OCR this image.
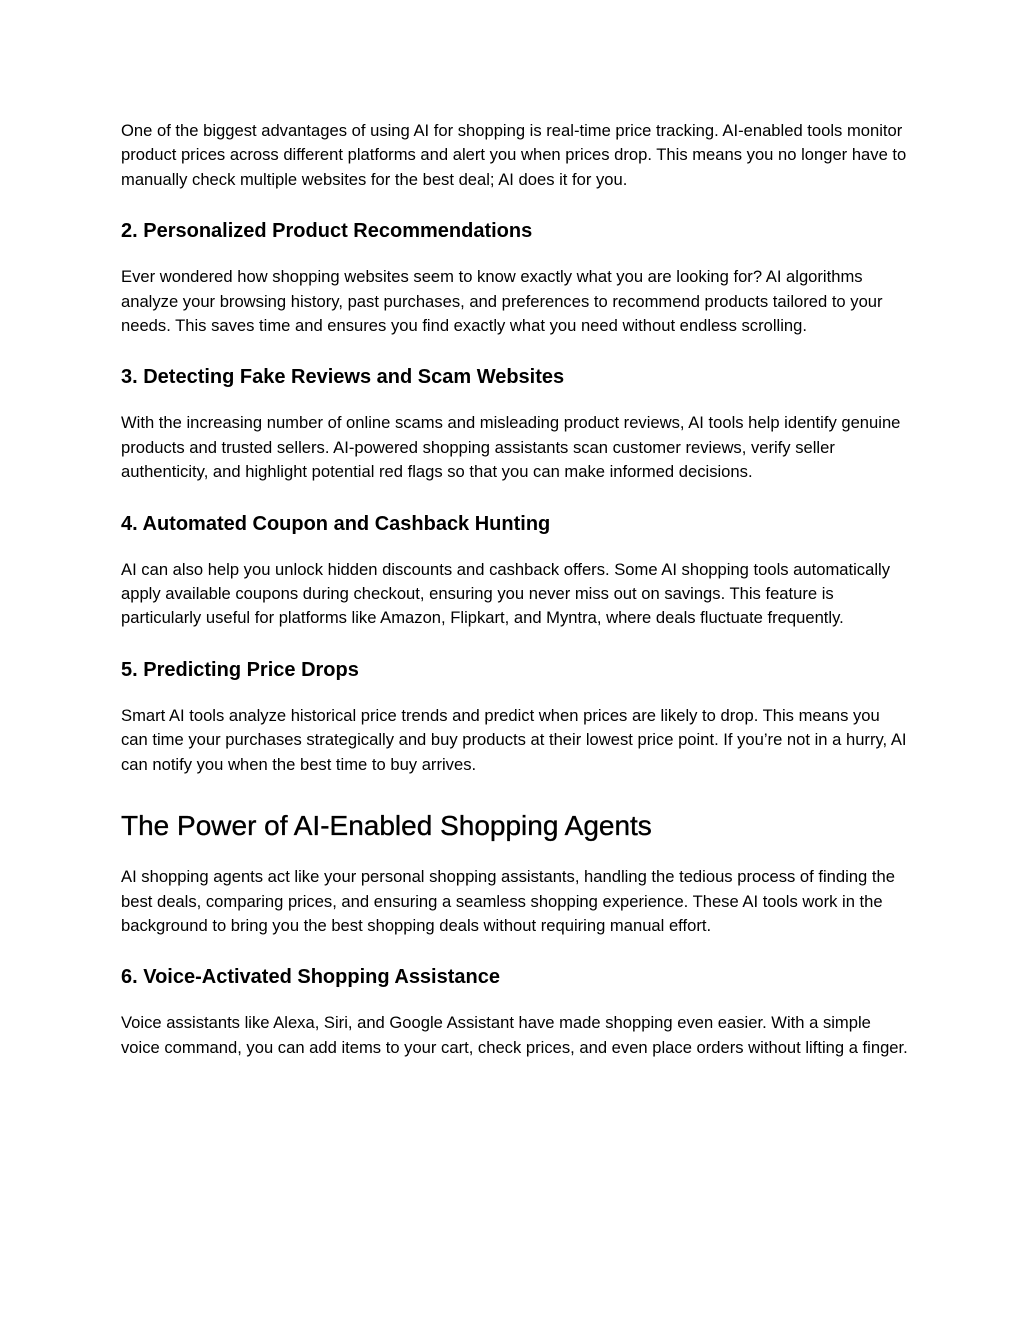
One of the biggest advantages of using AI for shopping is real-time price tracking. AI-enabled tools monitor product prices across different platforms and alert you when prices drop. This means you no longer have to manually check multiple websites for the best deal; AI does it for you.

2. Personalized Product Recommendations

Ever wondered how shopping websites seem to know exactly what you are looking for? AI algorithms analyze your browsing history, past purchases, and preferences to recommend products tailored to your needs. This saves time and ensures you find exactly what you need without endless scrolling.

3. Detecting Fake Reviews and Scam Websites

With the increasing number of online scams and misleading product reviews, AI tools help identify genuine products and trusted sellers. AI-powered shopping assistants scan customer reviews, verify seller authenticity, and highlight potential red flags so that you can make informed decisions.

4. Automated Coupon and Cashback Hunting

AI can also help you unlock hidden discounts and cashback offers. Some AI shopping tools automatically apply available coupons during checkout, ensuring you never miss out on savings. This feature is particularly useful for platforms like Amazon, Flipkart, and Myntra, where deals fluctuate frequently.

5. Predicting Price Drops

Smart AI tools analyze historical price trends and predict when prices are likely to drop. This means you can time your purchases strategically and buy products at their lowest price point. If you’re not in a hurry, AI can notify you when the best time to buy arrives.

The Power of AI-Enabled Shopping Agents

AI shopping agents act like your personal shopping assistants, handling the tedious process of finding the best deals, comparing prices, and ensuring a seamless shopping experience. These AI tools work in the background to bring you the best shopping deals without requiring manual effort.

6. Voice-Activated Shopping Assistance

Voice assistants like Alexa, Siri, and Google Assistant have made shopping even easier. With a simple voice command, you can add items to your cart, check prices, and even place orders without lifting a finger.
